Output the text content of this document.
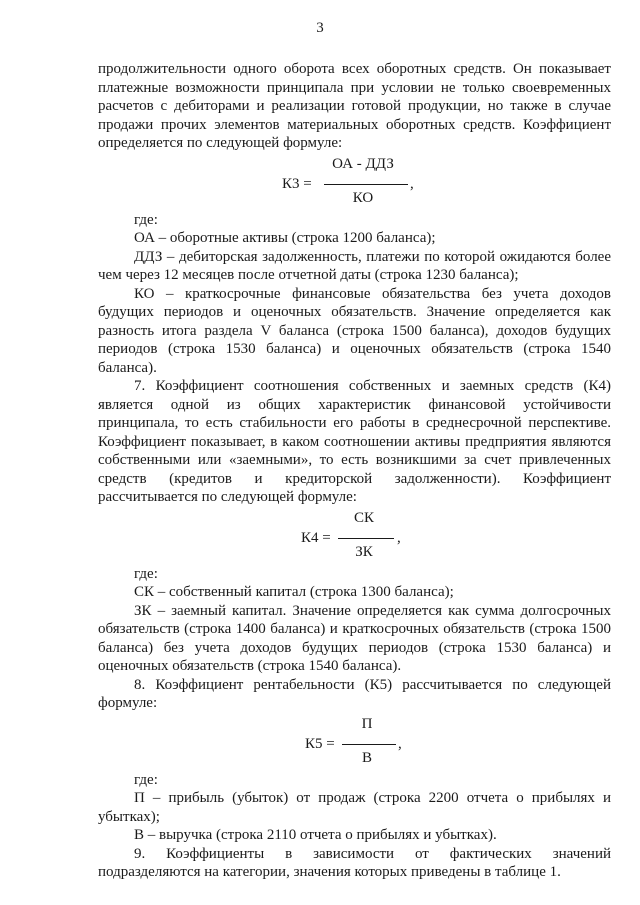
3

продолжительности одного оборота всех оборотных средств. Он показывает платежные возможности принципала при условии не только своевременных расчетов с дебиторами и реализации готовой продукции, но также в случае продажи прочих элементов материальных оборотных средств. Коэффициент определяется по следующей формуле:

К3 =
ОА - ДДЗ
КО
,

где:

ОА – оборотные активы (строка 1200 баланса);

ДДЗ – дебиторская задолженность, платежи по которой ожидаются более чем через 12 месяцев после отчетной даты (строка 1230 баланса);

КО – краткосрочные финансовые обязательства без учета доходов будущих периодов и оценочных обязательств. Значение определяется как разность итога раздела V баланса (строка 1500 баланса), доходов будущих периодов (строка 1530 баланса) и оценочных обязательств (строка 1540 баланса).

7. Коэффициент соотношения собственных и заемных средств (К4) является одной из общих характеристик финансовой устойчивости принципала, то есть стабильности его работы в среднесрочной перспективе. Коэффициент показывает, в каком соотношении активы предприятия являются собственными или «заемными», то есть возникшими за счет привлеченных средств (кредитов и кредиторской задолженности). Коэффициент рассчитывается по следующей формуле:

К4 =
СК
ЗК
,

где:

СК – собственный капитал (строка 1300 баланса);

ЗК – заемный капитал. Значение определяется как сумма долгосрочных обязательств (строка 1400 баланса) и краткосрочных обязательств (строка 1500 баланса) без учета доходов будущих периодов (строка 1530 баланса) и оценочных обязательств (строка 1540 баланса).

8. Коэффициент рентабельности (К5) рассчитывается по следующей формуле:

К5 =
П
В
,

где:

П – прибыль (убыток) от продаж (строка 2200 отчета о прибылях и убытках);

В – выручка (строка 2110 отчета о прибылях и убытках).

9. Коэффициенты в зависимости от фактических значений подразделяются на категории, значения которых приведены в таблице 1.
